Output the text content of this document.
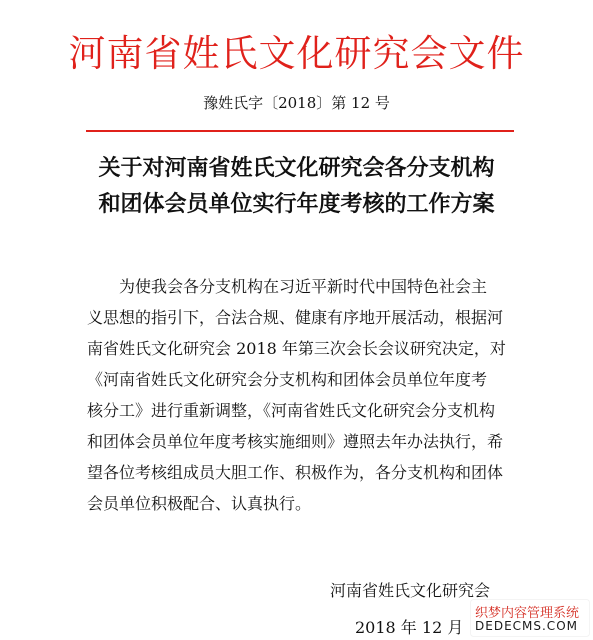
河南省姓氏文化研究会文件
豫姓氏字〔2018〕第 12 号
关于对河南省姓氏文化研究会各分支机构
和团体会员单位实行年度考核的工作方案
为使我会各分支机构在习近平新时代中国特色社会主
义思想的指引下，合法合规、健康有序地开展活动，根据河
南省姓氏文化研究会 2018 年第三次会长会议研究决定，对
《河南省姓氏文化研究会分支机构和团体会员单位年度考
核分工》进行重新调整，《河南省姓氏文化研究会分支机构
和团体会员单位年度考核实施细则》遵照去年办法执行，希
望各位考核组成员大胆工作、积极作为，各分支机构和团体
会员单位积极配合、认真执行。
河南省姓氏文化研究会
2018 年 12 月
织梦内容管理系统
DEDECMS.COM
